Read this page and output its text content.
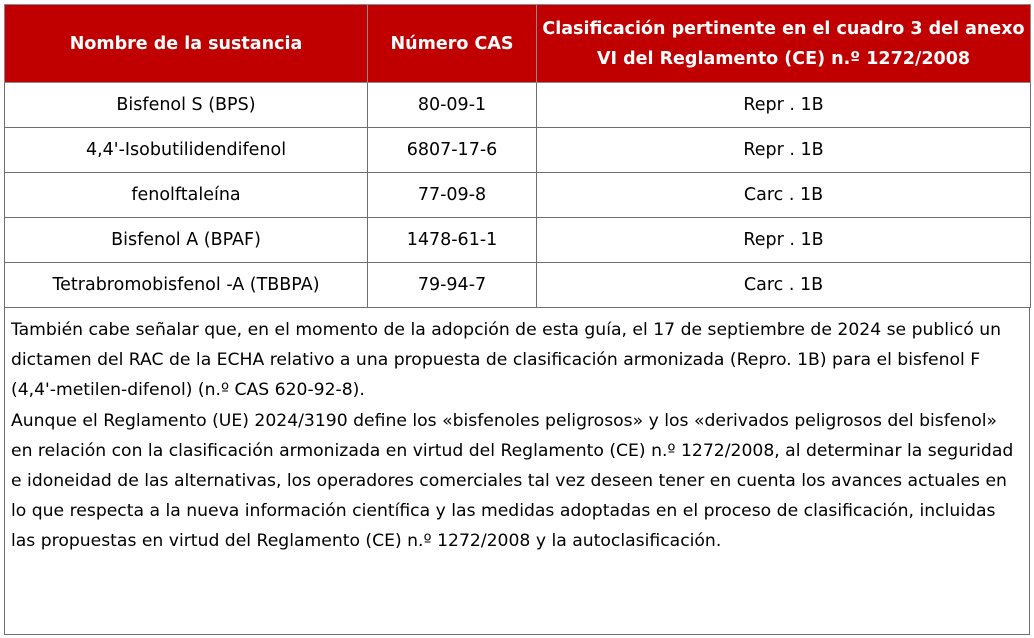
Nombre de la sustancia	Número CAS	Clasificación pertinente en el cuadro 3 del anexo VI del Reglamento (CE) n.º 1272/2008
Bisfenol S (BPS)	80-09-1	Repr . 1B
4,4'-Isobutilidendifenol	6807-17-6	Repr . 1B
fenolftaleína	77-09-8	Carc . 1B
Bisfenol A (BPAF)	1478-61-1	Repr . 1B
Tetrabromobisfenol -A (TBBPA)	79-94-7	Carc . 1B

También cabe señalar que, en el momento de la adopción de esta guía, el 17 de septiembre de 2024 se publicó un dictamen del RAC de la ECHA relativo a una propuesta de clasificación armonizada (Repro. 1B) para el bisfenol F (4,4'-metilen-difenol) (n.º CAS 620-92-8).

Aunque el Reglamento (UE) 2024/3190 define los «bisfenoles peligrosos» y los «derivados peligrosos del bisfenol» en relación con la clasificación armonizada en virtud del Reglamento (CE) n.º 1272/2008, al determinar la seguridad e idoneidad de las alternativas, los operadores comerciales tal vez deseen tener en cuenta los avances actuales en lo que respecta a la nueva información científica y las medidas adoptadas en el proceso de clasificación, incluidas las propuestas en virtud del Reglamento (CE) n.º 1272/2008 y la autoclasificación.
